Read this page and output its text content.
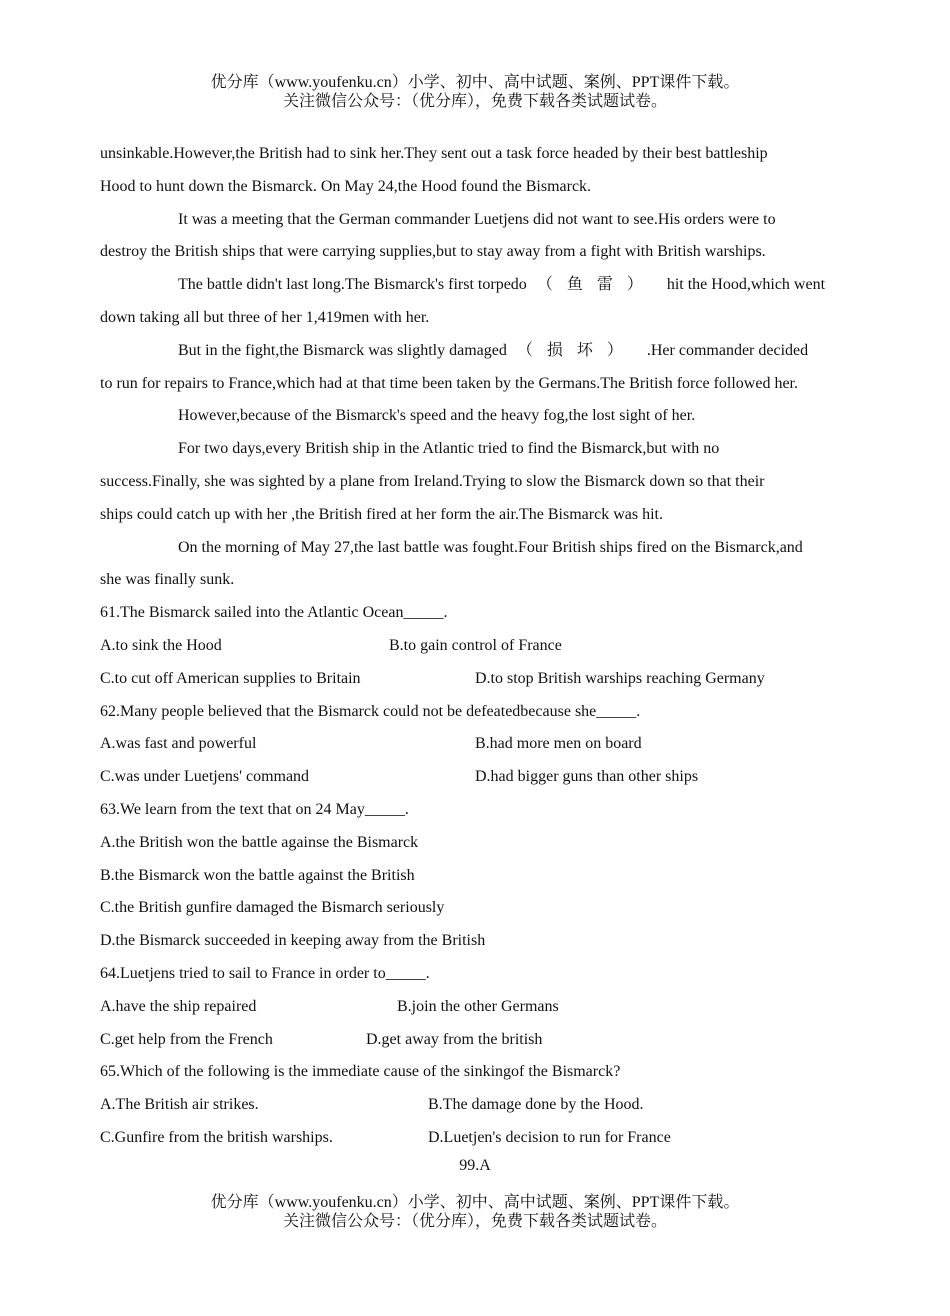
优分库（www.youfenku.cn）小学、初中、高中试题、案例、PPT课件下载。
关注微信公众号：（优分库），免费下载各类试题试卷。
unsinkable.However,the British had to sink her.They sent out a task force headed by their best battleship
Hood to hunt down the Bismarck. On May 24,the Hood found the Bismarck.
It was a meeting that the German commander Luetjens did not want to see.His orders were to
destroy the British ships that were carrying supplies,but to stay away from a fight with British warships.
The battle didn't last long.The Bismarck's first torpedo （鱼雷） hit the Hood,which went
down taking all but three of her 1,419men with her.
But in the fight,the Bismarck was slightly damaged （损坏） .Her commander decided
to run for repairs to France,which had at that time been taken by the Germans.The British force followed her.
However,because of the Bismarck's speed and the heavy fog,the lost sight of her.
For two days,every British ship in the Atlantic tried to find the Bismarck,but with no
success.Finally, she was sighted by a plane from Ireland.Trying to slow the Bismarck down so that their
ships could catch up with her ,the British fired at her form the air.The Bismarck was hit.
On the morning of May 27,the last battle was fought.Four British ships fired on the Bismarck,and
she was finally sunk.
61.The Bismarck sailed into the Atlantic Ocean_____.
A.to sink the Hood	B.to gain control of France
C.to cut off American supplies to Britain	D.to stop British warships reaching Germany
62.Many people believed that the Bismarck could not be defeatedbecause she_____.
A.was fast and powerful	B.had more men on board
C.was under Luetjens' command	D.had bigger guns than other ships
63.We learn from the text that on 24 May_____.
A.the British won the battle againse the Bismarck
B.the Bismarck won the battle against the British
C.the British gunfire damaged the Bismarch seriously
D.the Bismarck succeeded in keeping away from the British
64.Luetjens tried to sail to France in order to_____.
A.have the ship repaired	B.join the other Germans
C.get help from the French	D.get away from the british
65.Which of the following is the immediate cause of the sinkingof the Bismarck?
A.The British air strikes.	B.The damage done by the Hood.
C.Gunfire from the british warships.	D.Luetjen's decision to run for France
99.A
优分库（www.youfenku.cn）小学、初中、高中试题、案例、PPT课件下载。
关注微信公众号：（优分库），免费下载各类试题试卷。
